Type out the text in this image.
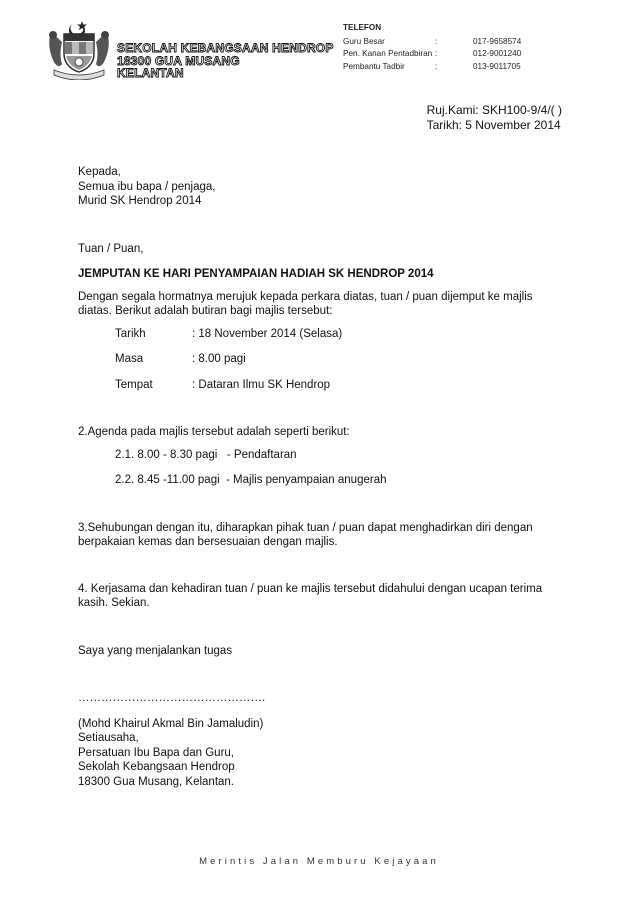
SEKOLAH KEBANGSAAN HENDROP
18300 GUA MUSANG
KELANTAN
TELEFON
Guru Besar	:	017-9658574
Pen. Kanan Pentadbiran :	012-9001240
Pembantu Tadbir	:	013-9011705
Ruj.Kami: SKH100-9/4/( )
Tarikh: 5 November 2014

Kepada,

Semua ibu bapa / penjaga,

Murid SK Hendrop 2014

Tuan / Puan,

JEMPUTAN KE HARI PENYAMPAIAN HADIAH SK HENDROP 2014

Dengan segala hormatnya merujuk kepada perkara diatas, tuan / puan dijemput ke majlis diatas. Berikut adalah butiran bagi majlis tersebut:

Tarikh	: 18 November 2014 (Selasa)
Masa	: 8.00 pagi
Tempat	: Dataran Ilmu SK Hendrop

2.Agenda pada majlis tersebut adalah seperti berikut:

2.1. 8.00 - 8.30 pagi   - Pendaftaran

2.2. 8.45 -11.00 pagi  - Majlis penyampaian anugerah

3.Sehubungan dengan itu, diharapkan pihak tuan / puan dapat menghadirkan diri dengan berpakaian kemas dan bersesuaian dengan majlis.

4. Kerjasama dan kehadiran tuan / puan ke majlis tersebut didahului dengan ucapan terima kasih. Sekian.

Saya yang menjalankan tugas

………………………………………….

(Mohd Khairul Akmal Bin Jamaludin)

Setiausaha,

Persatuan Ibu Bapa dan Guru,

Sekolah Kebangsaan Hendrop

18300 Gua Musang, Kelantan.

Merintis Jalan Memburu Kejayaan
